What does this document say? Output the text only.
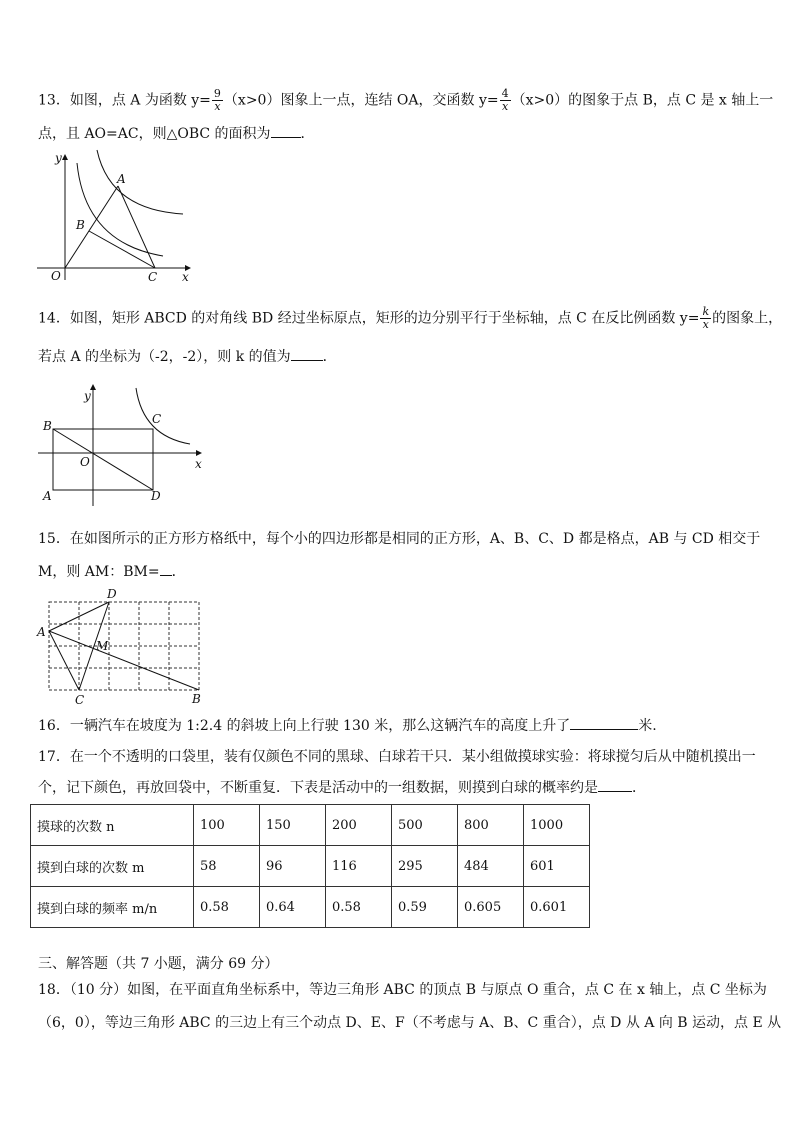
13．如图，点 A 为函数 $y= \frac{9}{x} (x>0)$图象上一点，连结 OA，交函数 $y= \frac{4}{x} (x>0)$的图象于点 B，点 C 是 x 轴上一
点，且 AO=AC，则△OBC 的面积为 ．
y
x
O
A
B
C
14．如图，矩形 ABCD 的对角线 BD 经过坐标原点，矩形的边分别平行于坐标轴，点 C 在反比例函数 $y= \frac{k}{x}$ 的图象上，
若点 A 的坐标为（-2，-2），则 k 的值为 ．
y
x
O
A
B	C
D
15．在如图所示的正方形方格纸中，每个小的四边形都是相同的正方形，A、B、C、D 都是格点，AB 与 CD 相交于
M，则 AM：BM= ．
A
B
C
D
M
16．一辆汽车在坡度为 1:2.4 的斜坡上向上行驶 130 米，那么这辆汽车的高度上升了	米.
17．在一个不透明的口袋里，装有仅颜色不同的黑球、白球若干只．某小组做摸球实验：将球搅匀后从中随机摸出一
个，记下颜色，再放回袋中，不断重复．下表是活动中的一组数据，则摸到白球的概率约是 ．
摸球的次数 n	100	150	200	500	800	1000
摸到白球的次数 m	58	96	116	295	484	601
摸到白球的频率 m/n	0.58	0.64	0.58	0.59	0.605	0.601
三、解答题（共 7 小题，满分 69 分）
18．（10 分）如图，在平面直角坐标系中，等边三角形 ABC 的顶点 B 与原点 O 重合，点 C 在 x 轴上，点 C 坐标为
（6，0），等边三角形 ABC 的三边上有三个动点 D、E、F（不考虑与 A、B、C 重合），点 D 从 A 向 B 运动，点 E 从
